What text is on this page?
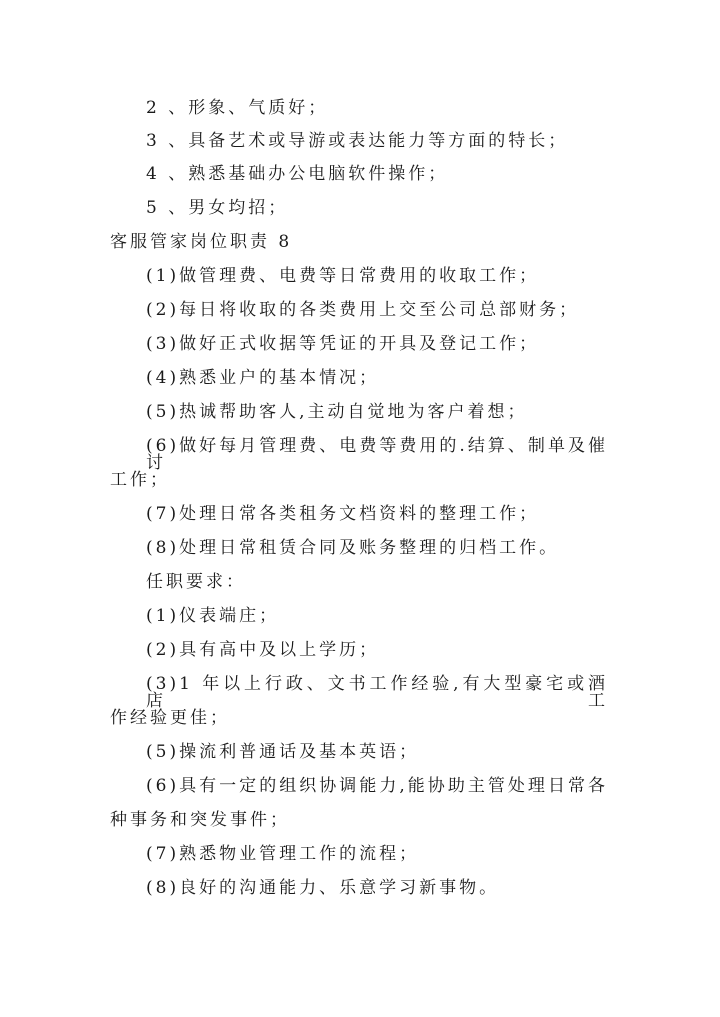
2 、形象、气质好；
3 、具备艺术或导游或表达能力等方面的特长；
4 、熟悉基础办公电脑软件操作；
5 、男女均招；
客服管家岗位职责 8
(1)做管理费、电费等日常费用的收取工作；
(2)每日将收取的各类费用上交至公司总部财务；
(3)做好正式收据等凭证的开具及登记工作；
(4)熟悉业户的基本情况；
(5)热诚帮助客人,主动自觉地为客户着想；
(6)做好每月管理费、电费等费用的.结算、制单及催讨
工作；
(7)处理日常各类租务文档资料的整理工作；
(8)处理日常租赁合同及账务整理的归档工作。
任职要求：
(1)仪表端庄；
(2)具有高中及以上学历；
(3)1 年以上行政、文书工作经验,有大型豪宅或酒店工
作经验更佳；
(5)操流利普通话及基本英语；
(6)具有一定的组织协调能力,能协助主管处理日常各
种事务和突发事件；
(7)熟悉物业管理工作的流程；
(8)良好的沟通能力、乐意学习新事物。
